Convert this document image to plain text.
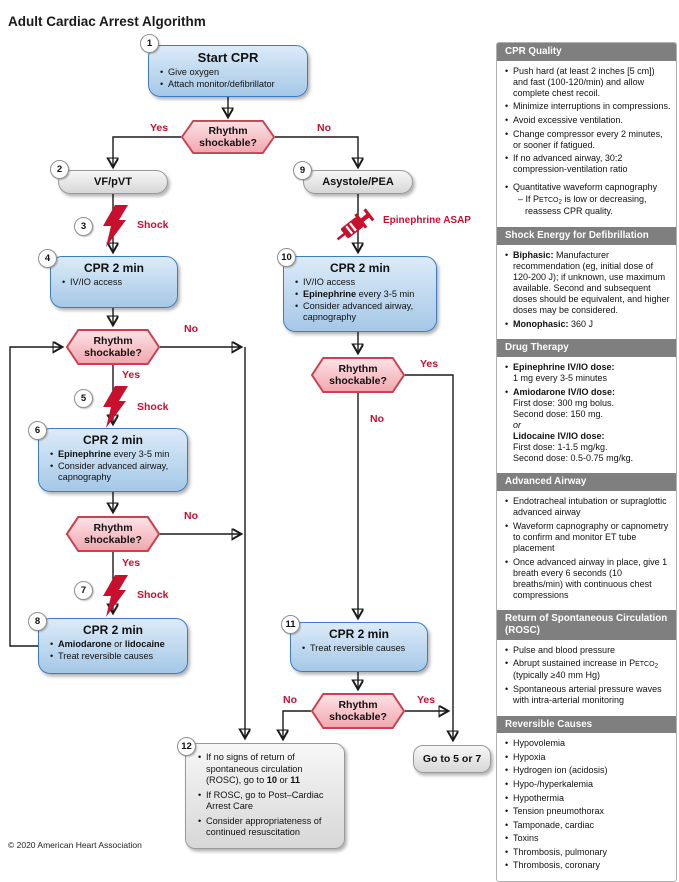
Adult Cardiac Arrest Algorithm
1
2
3
4
5
6
7
8
9
10
11
12
Start CPR
• Give oxygen
• Attach monitor/defibrillator
Rhythm shockable?
VF/pVT	Asystole/PEA
CPR 2 min
• IV/IO access
CPR 2 min
• IV/IO access
• Epinephrine every 3-5 min
• Consider advanced airway, capnography
Rhythm shockable?
CPR 2 min
• Epinephrine every 3-5 min
• Consider advanced airway, capnography
Rhythm shockable?
CPR 2 min
• Amiodarone or lidocaine
• Treat reversible causes
Rhythm shockable?
CPR 2 min
• Treat reversible causes
Rhythm shockable?
• If no signs of return of spontaneous circulation (ROSC), go to 10 or 11
• If ROSC, go to Post–Cardiac Arrest Care
• Consider appropriateness of continued resuscitation
Go to 5 or 7
Yes	No
Shock
Yes
No
Shock
Yes
No
Shock
Yes
No
Yes
No
Epinephrine ASAP
CPR Quality
• Push hard (at least 2 inches [5 cm]) and fast (100-120/min) and allow complete chest recoil.
• Minimize interruptions in compressions.
• Avoid excessive ventilation.
• Change compressor every 2 minutes, or sooner if fatigued.
• If no advanced airway, 30:2 compression-ventilation ratio
• Quantitative waveform capnography
– If $PETCO_2$ is low or decreasing, reassess CPR quality.
Shock Energy for Defibrillation
• Biphasic: Manufacturer recommendation (eg, initial dose of 120-200 J); if unknown, use maximum available. Second and subsequent doses should be equivalent, and higher doses may be considered.
• Monophasic: 360 J
Drug Therapy
• Epinephrine IV/IO dose:
1 mg every 3-5 minutes
• Amiodarone IV/IO dose:
First dose: 300 mg bolus.
Second dose: 150 mg.
or
Lidocaine IV/IO dose:
First dose: 1-1.5 mg/kg.
Second dose: 0.5-0.75 mg/kg.
Advanced Airway
• Endotracheal intubation or supraglottic advanced airway
• Waveform capnography or capnometry to confirm and monitor ET tube placement
• Once advanced airway in place, give 1 breath every 6 seconds (10 breaths/min) with continuous chest compressions
Return of Spontaneous Circulation (ROSC)
• Pulse and blood pressure
• Abrupt sustained increase in $PETCO_2$ (typically ≥40 mm Hg)
• Spontaneous arterial pressure waves with intra-arterial monitoring
Reversible Causes
• Hypovolemia
• Hypoxia
• Hydrogen ion (acidosis)
• Hypo-/hyperkalemia
• Hypothermia
• Tension pneumothorax
• Tamponade, cardiac
• Toxins
• Thrombosis, pulmonary
• Thrombosis, coronary
© 2020 American Heart Association
